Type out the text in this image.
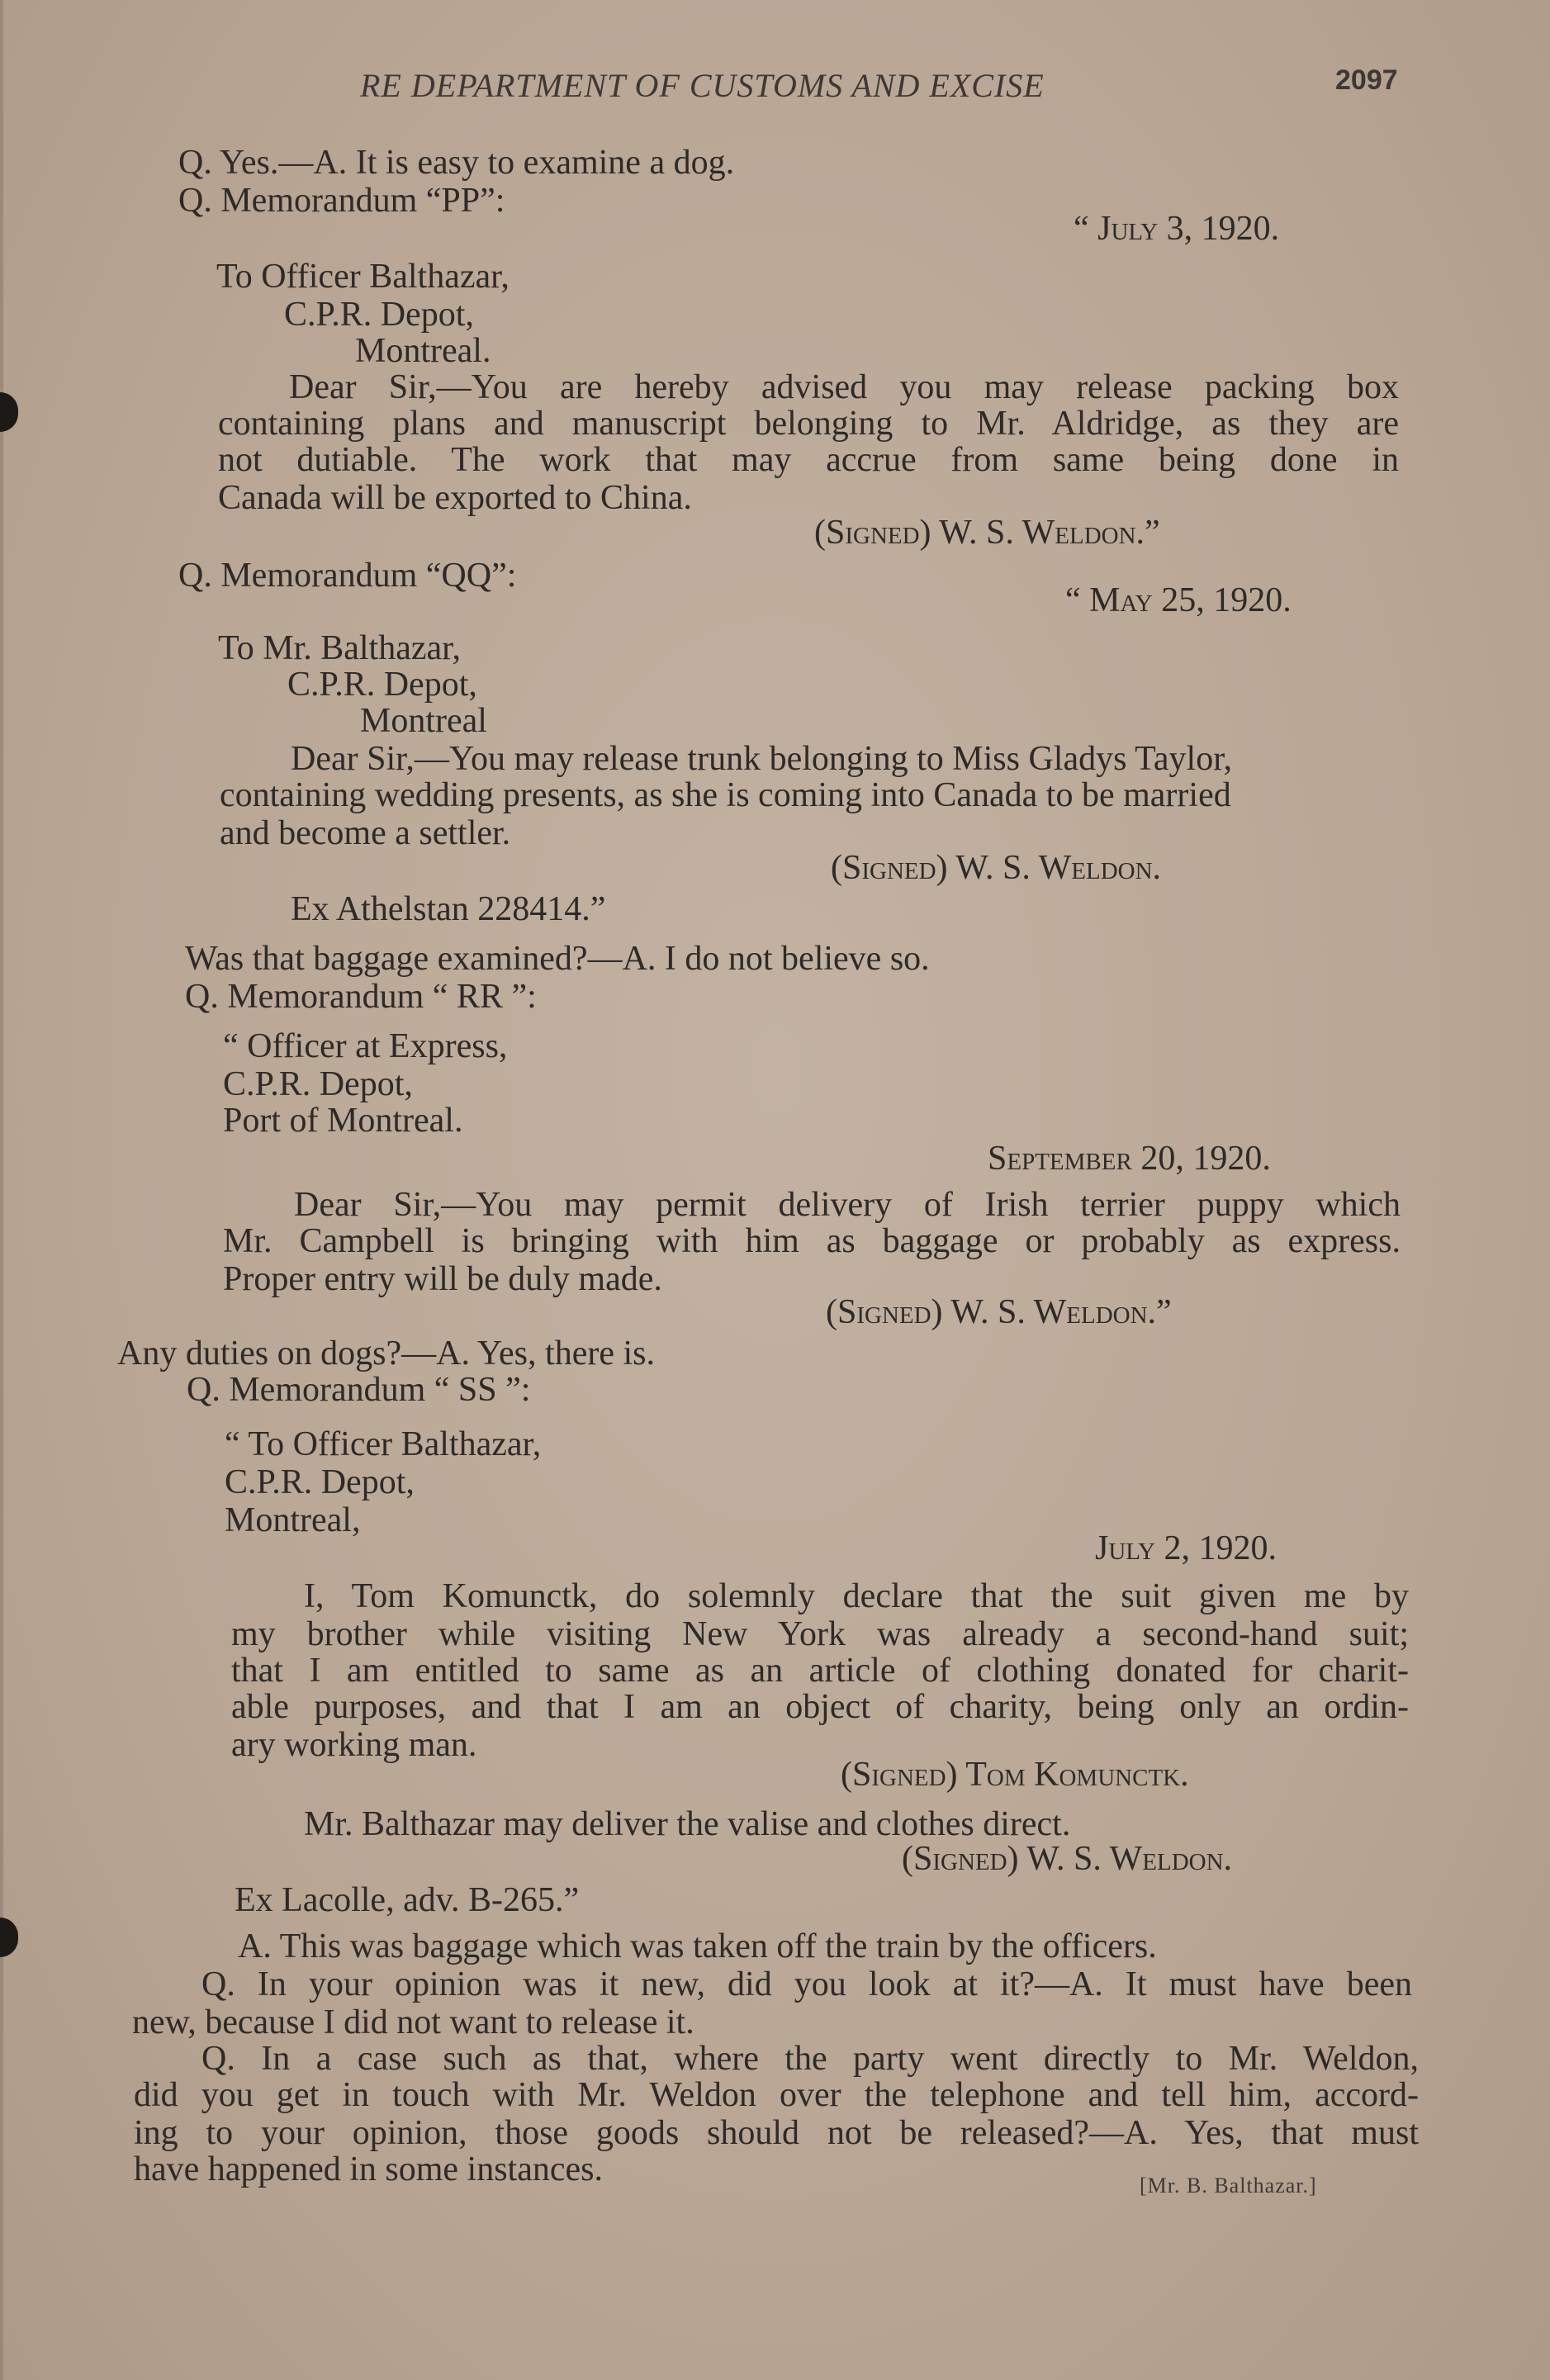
RE DEPARTMENT OF CUSTOMS AND EXCISE	2097
Q. Yes.—A. It is easy to examine a dog.
Q. Memorandum “PP”:
“ July 3, 1920.
To Officer Balthazar,
C.P.R. Depot,
Montreal.
Dear Sir,—You are hereby advised you may release packing box
containing plans and manuscript belonging to Mr. Aldridge, as they are
not dutiable. The work that may accrue from same being done in
Canada will be exported to China.
(Signed) W. S. Weldon.”
Q. Memorandum “QQ”:
“ May 25, 1920.
To Mr. Balthazar,
C.P.R. Depot,
Montreal
Dear Sir,—You may release trunk belonging to Miss Gladys Taylor,
containing wedding presents, as she is coming into Canada to be married
and become a settler.
(Signed) W. S. Weldon.
Ex Athelstan 228414.”
Was that baggage examined?—A. I do not believe so.
Q. Memorandum “ RR ”:
“ Officer at Express,
C.P.R. Depot,
Port of Montreal.
September 20, 1920.
Dear Sir,—You may permit delivery of Irish terrier puppy which
Mr. Campbell is bringing with him as baggage or probably as express.
Proper entry will be duly made.
(Signed) W. S. Weldon.”
Any duties on dogs?—A. Yes, there is.
Q. Memorandum “ SS ”:
“ To Officer Balthazar,
C.P.R. Depot,
Montreal,
July 2, 1920.
I, Tom Komunctk, do solemnly declare that the suit given me by
my brother while visiting New York was already a second-hand suit;
that I am entitled to same as an article of clothing donated for charit-
able purposes, and that I am an object of charity, being only an ordin-
ary working man.
(Signed) Tom Komunctk.
Mr. Balthazar may deliver the valise and clothes direct.
(Signed) W. S. Weldon.
Ex Lacolle, adv. B-265.”
A. This was baggage which was taken off the train by the officers.
Q. In your opinion was it new, did you look at it?—A. It must have been
new, because I did not want to release it.
Q. In a case such as that, where the party went directly to Mr. Weldon,
did you get in touch with Mr. Weldon over the telephone and tell him, accord-
ing to your opinion, those goods should not be released?—A. Yes, that must
have happened in some instances.	[Mr. B. Balthazar.]
